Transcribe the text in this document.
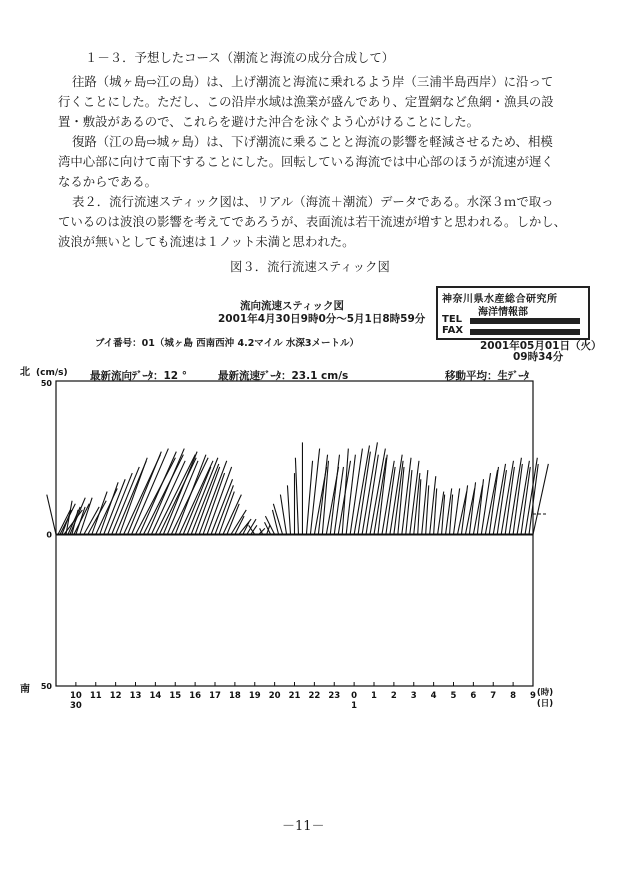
１－３．予想したコース（潮流と海流の成分合成して）
往路（城ヶ島⇨江の島）は、上げ潮流と海流に乗れるよう岸（三浦半島西岸）に沿って
行くことにした。ただし、この沿岸水域は漁業が盛んであり、定置網など魚網・漁具の設
置・敷設があるので、これらを避けた沖合を泳ぐよう心がけることにした。
復路（江の島⇨城ヶ島）は、下げ潮流に乗ることと海流の影響を軽減させるため、相模
湾中心部に向けて南下することにした。回転している海流では中心部のほうが流速が遅く
なるからである。
表２．流行流速スティック図は、リアル（海流＋潮流）データである。水深３ｍで取っ
ているのは波浪の影響を考えてであろうが、表面流は若干流速が増すと思われる。しかし、
波浪が無いとしても流速は１ノット未満と思われた。
図３．流行流速スティック図
神奈川県水産総合研究所
海洋情報部
TEL
FAX
流向流速スティック図
2001年4月30日9時0分～5月1日8時59分
ブイ番号：01（城ヶ島 西南西沖 4.2マイル 水深3メートル）	2001年05月01日（火）
09時34分
最新流向ﾃﾞｰﾀ：12 °	最新流速ﾃﾞｰﾀ：23.1 cm/s	移動平均：生ﾃﾞｰﾀ
北 (cm/s)
50
0
50
南
10 11 12 13 14 15 16 17 18 19 20 21 22 23 0 1 2 3 4 5 6 7 8 9
30	1
(時)
(日)
－11－
